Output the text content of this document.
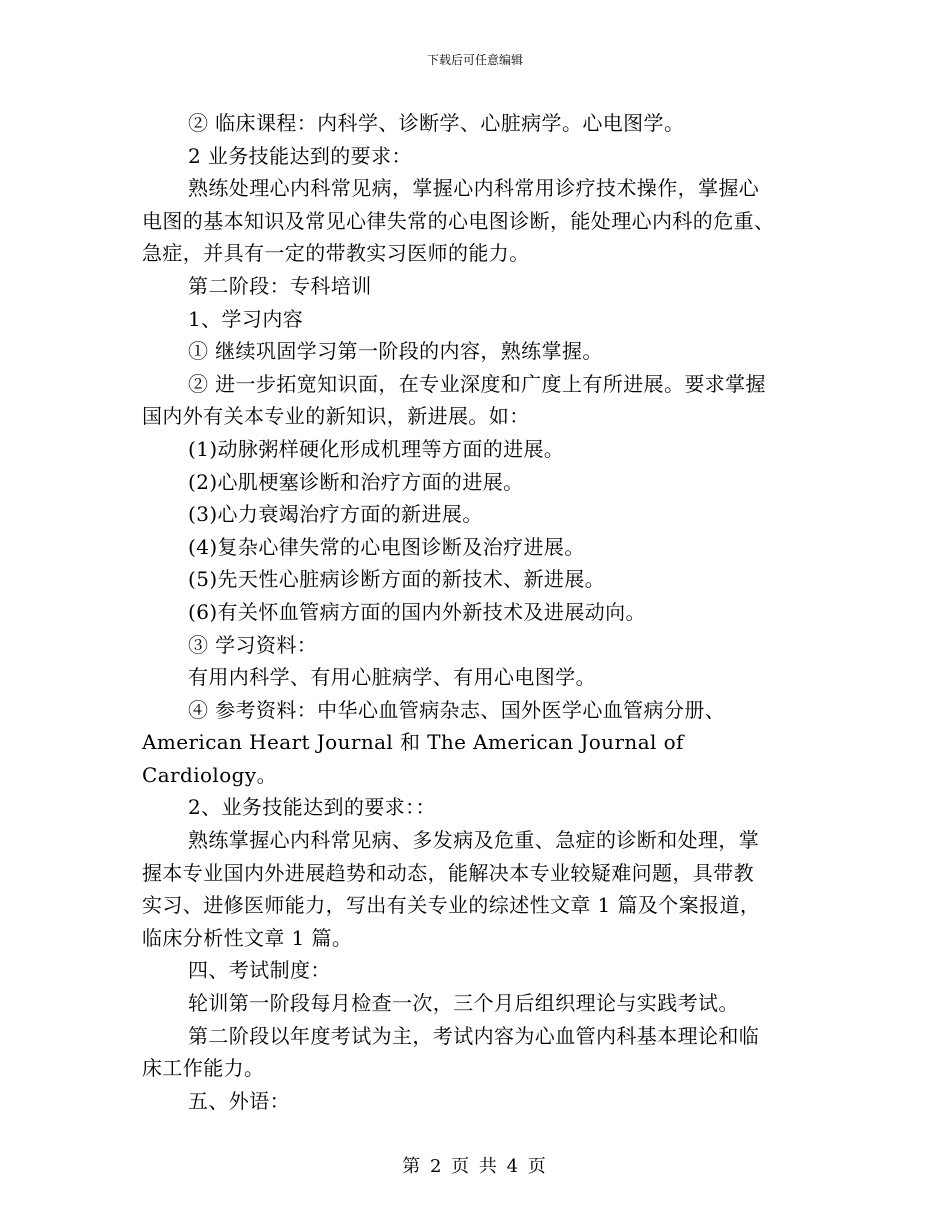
下载后可任意编辑
② 临床课程：内科学、诊断学、心脏病学。心电图学。
2 业务技能达到的要求：
熟练处理心内科常见病，掌握心内科常用诊疗技术操作，掌握心
电图的基本知识及常见心律失常的心电图诊断，能处理心内科的危重、
急症，并具有一定的带教实习医师的能力。
第二阶段：专科培训
1、学习内容
① 继续巩固学习第一阶段的内容，熟练掌握。
② 进一步拓宽知识面，在专业深度和广度上有所进展。要求掌握
国内外有关本专业的新知识，新进展。如：
(1)动脉粥样硬化形成机理等方面的进展。
(2)心肌梗塞诊断和治疗方面的进展。
(3)心力衰竭治疗方面的新进展。
(4)复杂心律失常的心电图诊断及治疗进展。
(5)先天性心脏病诊断方面的新技术、新进展。
(6)有关怀血管病方面的国内外新技术及进展动向。
③ 学习资料：
有用内科学、有用心脏病学、有用心电图学。
④ 参考资料：中华心血管病杂志、国外医学心血管病分册、
American Heart Journal 和 The American Journal of
Cardiology。
2、业务技能达到的要求：：
熟练掌握心内科常见病、多发病及危重、急症的诊断和处理，掌
握本专业国内外进展趋势和动态，能解决本专业较疑难问题，具带教
实习、进修医师能力，写出有关专业的综述性文章 1 篇及个案报道，
临床分析性文章 1 篇。
四、考试制度：
轮训第一阶段每月检查一次，三个月后组织理论与实践考试。
第二阶段以年度考试为主，考试内容为心血管内科基本理论和临
床工作能力。
五、外语：
第 2 页 共 4 页
